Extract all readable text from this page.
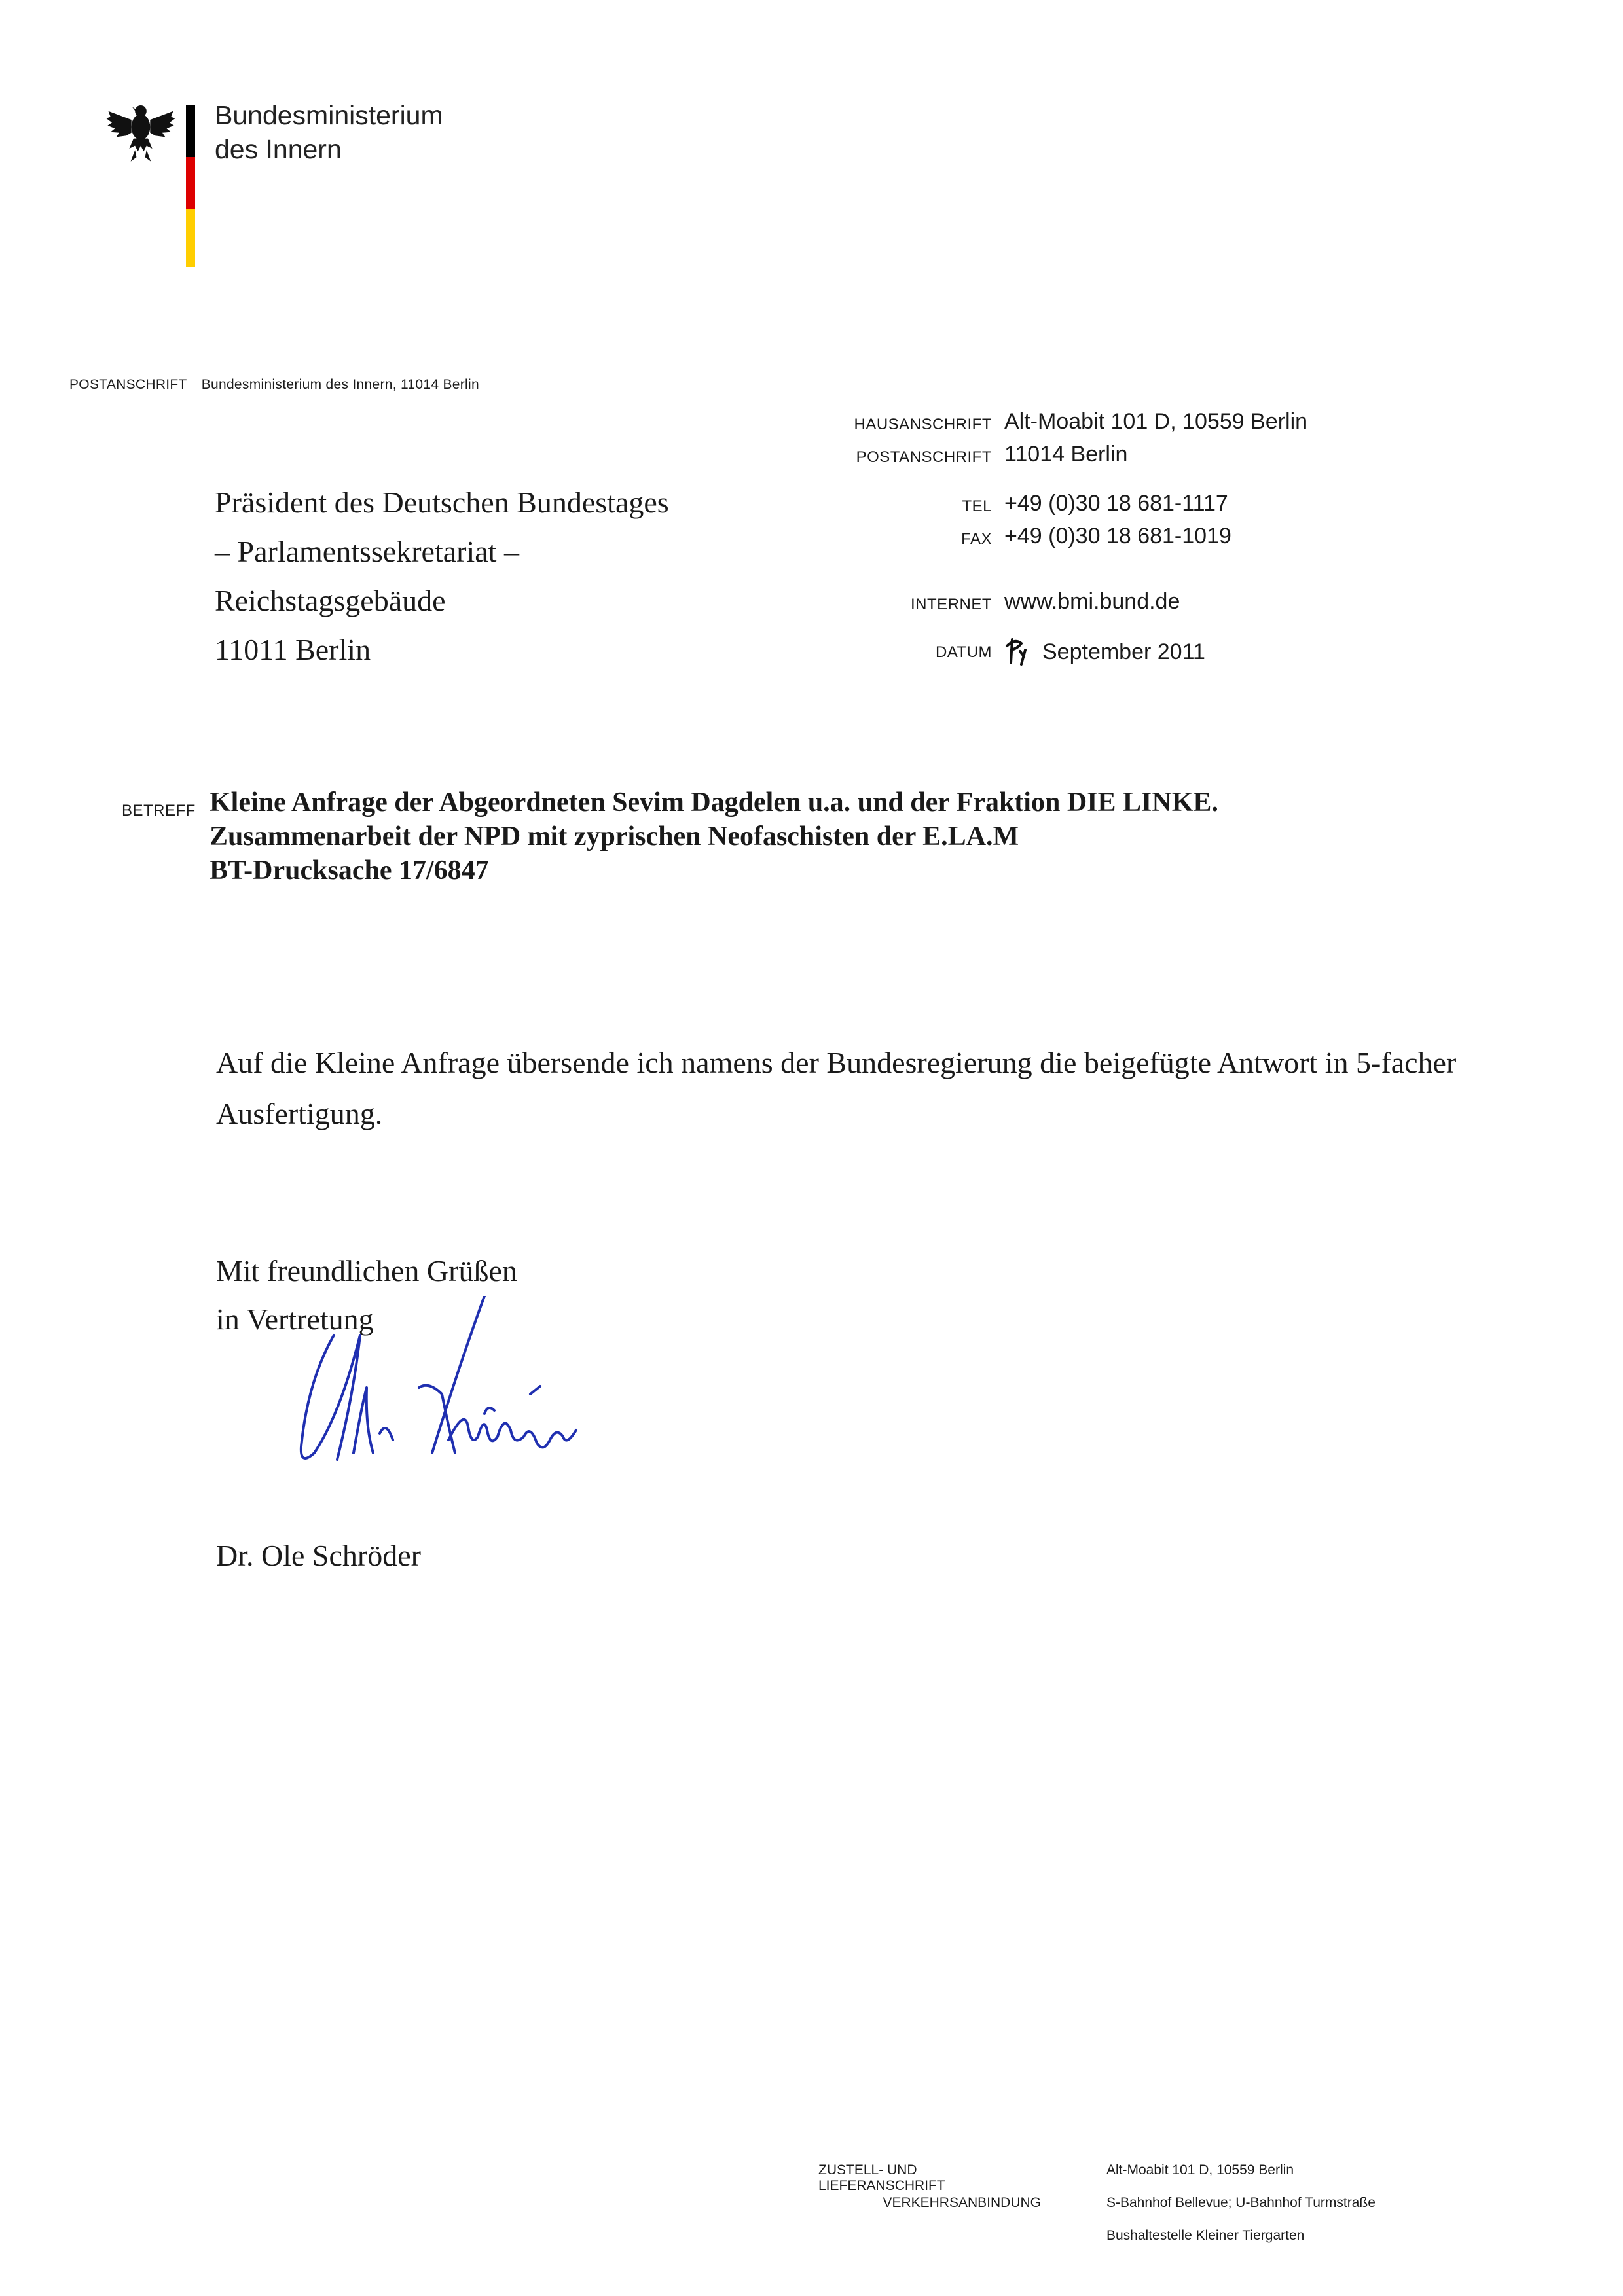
Bundesministerium
des Innern
POSTANSCHRIFT Bundesministerium des Innern, 11014 Berlin
Präsident des Deutschen Bundestages
– Parlamentssekretariat –
Reichstagsgebäude
11011 Berlin
HAUSANSCHRIFT Alt-Moabit 101 D, 10559 Berlin
POSTANSCHRIFT 11014 Berlin
TEL +49 (0)30 18 681-1117
FAX +49 (0)30 18 681-1019
INTERNET www.bmi.bund.de
DATUM	September 2011
BETREFF Kleine Anfrage der Abgeordneten Sevim Dagdelen u.a. und der Fraktion DIE LINKE.
Zusammenarbeit der NPD mit zyprischen Neofaschisten der E.LA.M
BT-Drucksache 17/6847
Auf die Kleine Anfrage übersende ich namens der Bundesregierung die beigefügte Antwort in 5-facher Ausfertigung.
Mit freundlichen Grüßen
in Vertretung
Dr. Ole Schröder
ZUSTELL- UND LIEFERANSCHRIFT
Alt-Moabit 101 D, 10559 Berlin
VERKEHRSANBINDUNG	S-Bahnhof Bellevue; U-Bahnhof Turmstraße
Bushaltestelle Kleiner Tiergarten
